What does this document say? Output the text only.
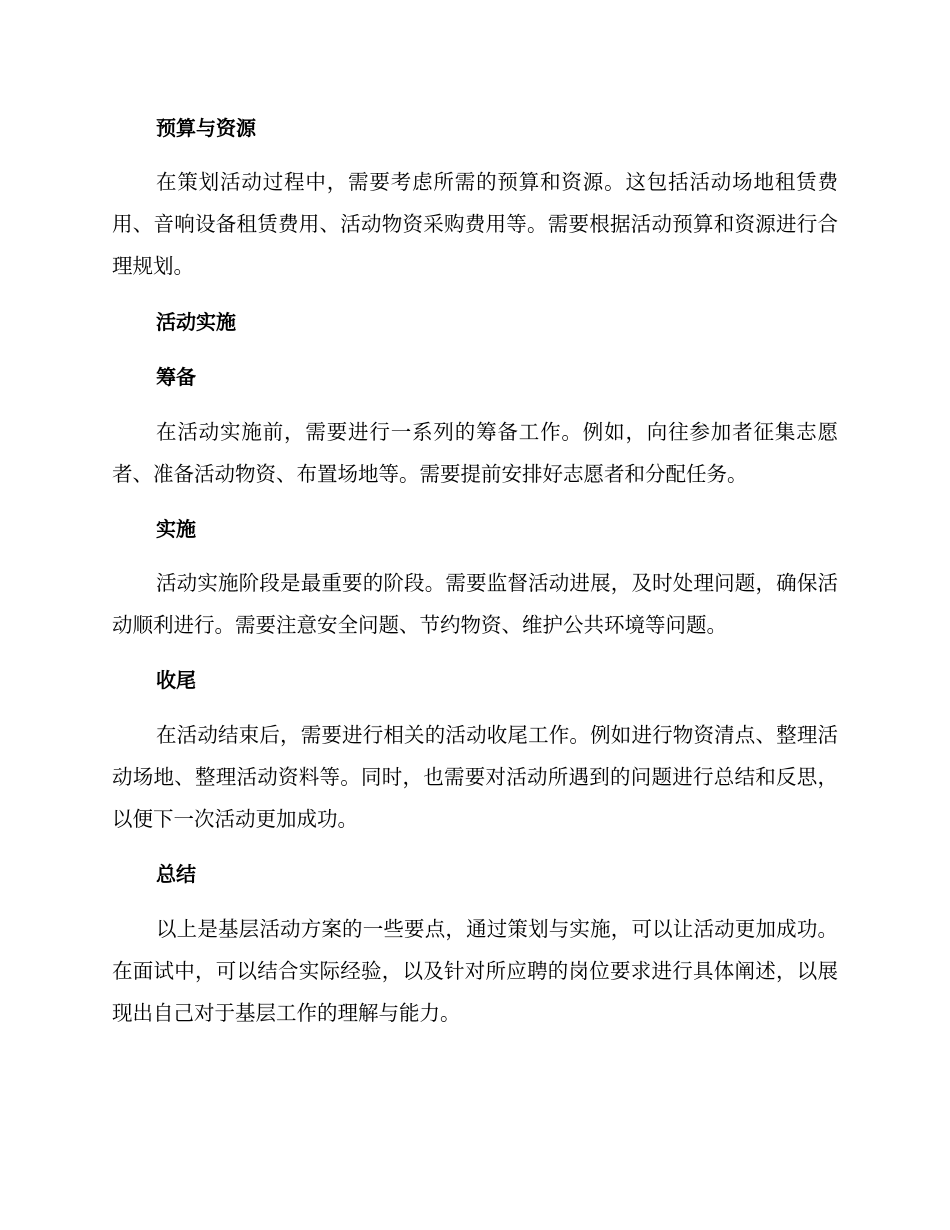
预算与资源

在策划活动过程中，需要考虑所需的预算和资源。这包括活动场地租赁费用、音响设备租赁费用、活动物资采购费用等。需要根据活动预算和资源进行合理规划。

活动实施
筹备

在活动实施前，需要进行一系列的筹备工作。例如，向往参加者征集志愿者、准备活动物资、布置场地等。需要提前安排好志愿者和分配任务。

实施

活动实施阶段是最重要的阶段。需要监督活动进展，及时处理问题，确保活动顺利进行。需要注意安全问题、节约物资、维护公共环境等问题。

收尾

在活动结束后，需要进行相关的活动收尾工作。例如进行物资清点、整理活动场地、整理活动资料等。同时，也需要对活动所遇到的问题进行总结和反思，以便下一次活动更加成功。

总结

以上是基层活动方案的一些要点，通过策划与实施，可以让活动更加成功。在面试中，可以结合实际经验，以及针对所应聘的岗位要求进行具体阐述，以展现出自己对于基层工作的理解与能力。
